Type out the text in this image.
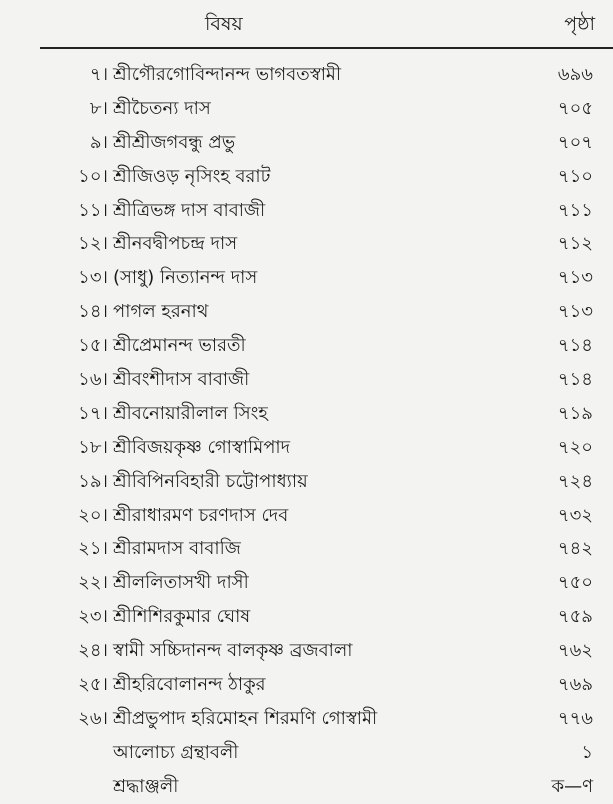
বিষয়	পৃষ্ঠা
৭। শ্রীগৌরগোবিন্দানন্দ ভাগবতস্বামী	৬৯৬
৮। শ্রীচৈতন্য দাস	৭০৫
৯। শ্রীশ্রীজগবন্ধু প্রভু	৭০৭
১০। শ্রীজিওড় নৃসিংহ বরাট	৭১০
১১। শ্রীত্রিভঙ্গ দাস বাবাজী	৭১১
১২। শ্রীনবদ্বীপচন্দ্র দাস	৭১২
১৩। (সাধু) নিত্যানন্দ দাস	৭১৩
১৪। পাগল হরনাথ	৭১৩
১৫। শ্রীপ্রেমানন্দ ভারতী	৭১৪
১৬। শ্রীবংশীদাস বাবাজী	৭১৪
১৭। শ্রীবনোয়ারীলাল সিংহ	৭১৯
১৮। শ্রীবিজয়কৃষ্ণ গোস্বামিপাদ	৭২০
১৯। শ্রীবিপিনবিহারী চট্টোপাধ্যায়	৭২৪
২০। শ্রীরাধারমণ চরণদাস দেব	৭৩২
২১। শ্রীরামদাস বাবাজি	৭৪২
২২। শ্রীললিতাসখী দাসী	৭৫০
২৩। শ্রীশিশিরকুমার ঘোষ	৭৫৯
২৪। স্বামী সচ্চিদানন্দ বালকৃষ্ণ ব্রজবালা	৭৬২
২৫। শ্রীহরিবোলানন্দ ঠাকুর	৭৬৯
২৬। শ্রীপ্রভুপাদ হরিমোহন শিরমণি গোস্বামী	৭৭৬
আলোচ্য গ্রন্থাবলী	১
শ্রদ্ধাঞ্জলী	ক—ণ
